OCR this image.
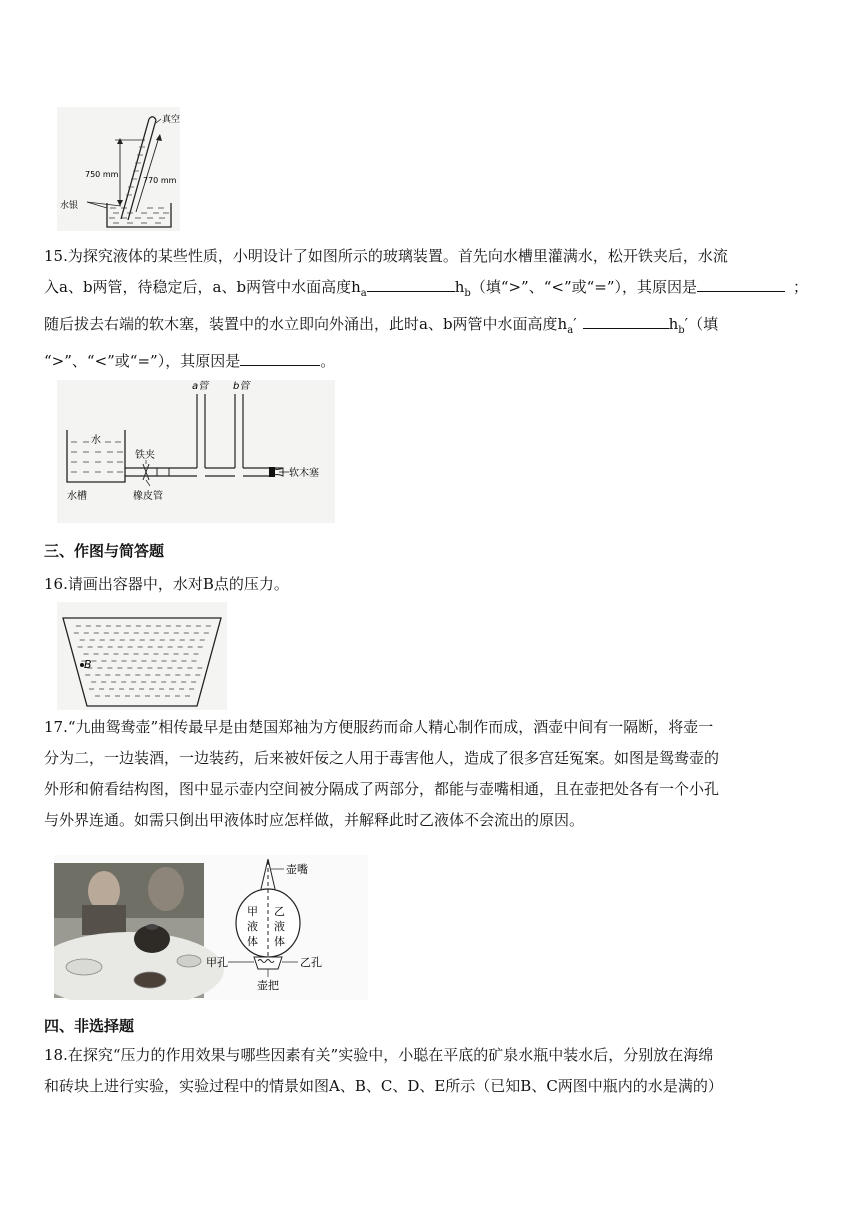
真空
750 mm
770 mm
水银
15.为探究液体的某些性质，小明设计了如图所示的玻璃装置。首先向水槽里灌满水，松开铁夹后，水流
入a、b两管，待稳定后，a、b两管中水面高度$h_a$	$h_b$（填“>”、“<”或“=”），其原因是	；
随后拔去右端的软木塞，装置中的水立即向外涌出，此时a、b两管中水面高度$h_a'$	$h_b'$（填
“>”、“<”或“=”），其原因是	。
a管 b管
水
铁夹
水槽	橡皮管
软木塞
三、作图与简答题
16.请画出容器中，水对B点的压力。
B
17.“九曲鸳鸯壶”相传最早是由楚国郑袖为方便服药而命人精心制作而成，酒壶中间有一隔断，将壶一
分为二，一边装酒，一边装药，后来被奸佞之人用于毒害他人，造成了很多宫廷冤案。如图是鸳鸯壶的
外形和俯看结构图，图中显示壶内空间被分隔成了两部分，都能与壶嘴相通，且在壶把处各有一个小孔
与外界连通。如需只倒出甲液体时应怎样做，并解释此时乙液体不会流出的原因。
壶嘴
甲
液
体
乙
液
体
甲孔	乙孔
壶把
四、非选择题
18.在探究“压力的作用效果与哪些因素有关”实验中，小聪在平底的矿泉水瓶中装水后，分别放在海绵
和砖块上进行实验，实验过程中的情景如图A、B、C、D、E所示（已知B、C两图中瓶内的水是满的）
